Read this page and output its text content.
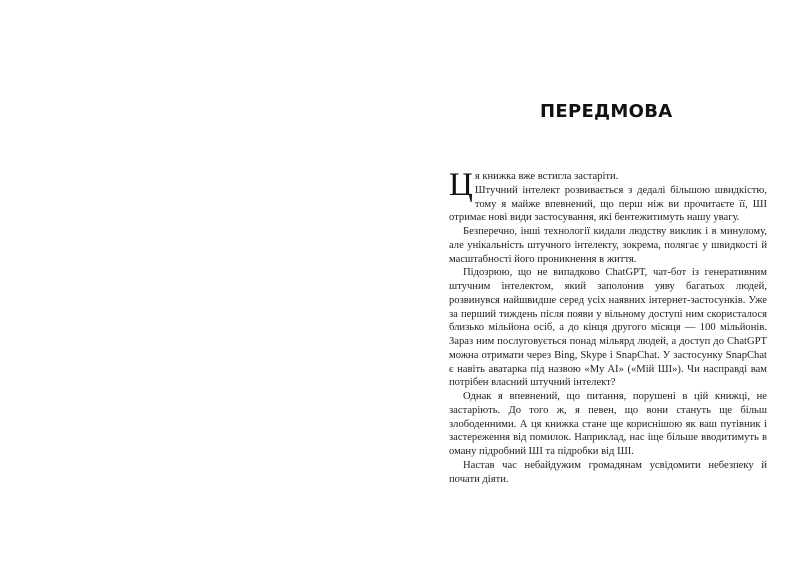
ПЕРЕДМОВА

Ця книжка вже встигла застаріти.
Штучний інтелект розвивається з дедалі більшою швидкістю, тому я майже впевнений, що перш ніж ви прочитаєте її, ШІ отримає нові види застосування, які бентежитимуть нашу увагу.

Безперечно, інші технології кидали людству виклик і в минулому, але унікальність штучного інтелекту, зокрема, полягає у швидкості й масштабності його проникнення в життя.

Підозрюю, що не випадково ChatGPT, чат-бот із генеративним штучним інтелектом, який заполонив уяву багатьох людей, розвинувся найшвидше серед усіх наявних інтернет-застосунків. Уже за перший тиждень після появи у вільному доступі ним скористалося близько мільйона осіб, а до кінця другого місяця — 100 мільйонів. Зараз ним послуговується понад мільярд людей, а доступ до ChatGPT можна отримати через Bing, Skype і SnapChat. У застосунку SnapChat є навіть аватарка під назвою «My AI» («Мій ШІ»). Чи насправді вам потрібен власний штучний інтелект?

Однак я впевнений, що питання, порушені в цій книжці, не застаріють. До того ж, я певен, що вони стануть ще більш злободенними. А ця книжка стане ще кориснішою як ваш путівник і застереження від помилок. Наприклад, нас іще більше вводитимуть в оману підробний ШІ та підробки від ШІ.

Настав час небайдужим громадянам усвідомити небезпеку й почати діяти.
